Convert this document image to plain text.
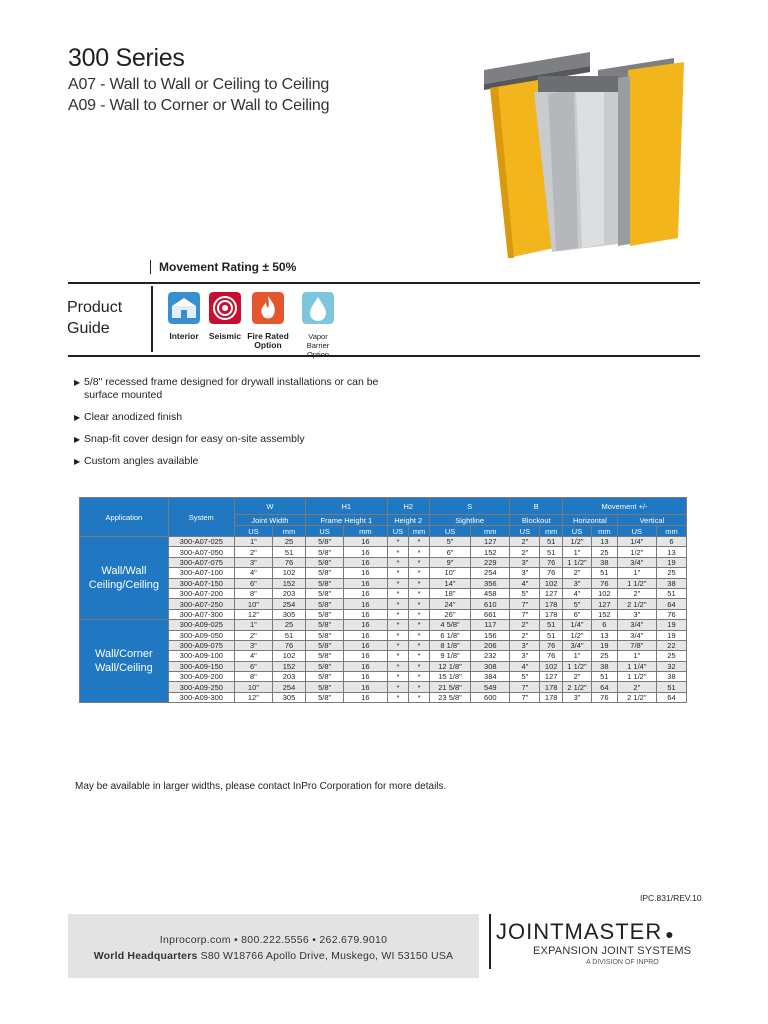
300 Series
A07 - Wall to Wall or Ceiling to Ceiling
A09 - Wall to Corner or Wall to Ceiling
Movement Rating ± 50%
Product
Guide	Interior	Seismic Fire Rated
Option
Vapor Barrier

▶ 5/8" recessed frame designed for drywall installations or can be surface mounted
▶ Clear anodized finish
▶ Snap-fit cover design for easy on-site assembly
▶ Custom angles available
Application	System	W		H1		H2		S		B		Movement +/-			
		Joint Width		Frame Height 1		Height 2		Sightline		Blockout		Horizontal		Vertical	
		US	mm	US	mm	US	mm	US	mm	US	mm	US	mm	US	mm
Wall/Wall
Ceiling/Ceiling	300-A07-025	1"	25	5/8"	16	*	*	5"	127	2"	51	1/2"	13	1/4"	6
	300-A07-050	2"	51	5/8"	16	*	*	6"	152	2"	51	1"	25	1/2"	13
	300-A07-075	3"	76	5/8"	16	*	*	9"	229	3"	76	1 1/2"	38	3/4"	19
	300-A07-100	4"	102	5/8"	16	*	*	10"	254	3"	76	2"	51	1"	25
	300-A07-150	6"	152	5/8"	16	*	*	14"	356	4"	102	3"	76	1 1/2"	38
	300-A07-200	8"	203	5/8"	16	*	*	18"	458	5"	127	4"	102	2"	51
	300-A07-250	10"	254	5/8"	16	*	*	24"	610	7"	178	5"	127	2 1/2"	64
	300-A07-300	12"	305	5/8"	16	*	*	26"	661	7"	178	6"	152	3"	76
Wall/Corner
Wall/Ceiling	300-A09-025	1"	25	5/8"	16	*	*	4 5/8"	117	2"	51	1/4"	6	3/4"	19
	300-A09-050	2"	51	5/8"	16	*	*	6 1/8"	156	2"	51	1/2"	13	3/4"	19
	300-A09-075	3"	76	5/8"	16	*	*	8 1/8"	206	3"	76	3/4"	19	7/8"	22
	300-A09-100	4"	102	5/8"	16	*	*	9 1/8"	232	3"	76	1"	25	1"	25
	300-A09-150	6"	152	5/8"	16	*	*	12 1/8"	308	4"	102	1 1/2"	38	1 1/4"	32
	300-A09-200	8"	203	5/8"	16	*	*	15 1/8"	384	5"	127	2"	51	1 1/2"	38
	300-A09-250	10"	254	5/8"	16	*	*	21 5/8"	549	7"	178	2 1/2"	64	2"	51
	300-A09-300	12"	305	5/8"	16	*	*	23 5/8"	600	7"	178	3"	76	2 1/2"	64
May be available in larger widths, please contact InPro Corporation for more details.
IPC.831/REV.10
Inprocorp.com • 800.222.5556 • 262.679.9010
World Headquarters S80 W18766 Apollo Drive, Muskego, WI 53150 USA
JOINTMASTER ●
EXPANSION JOINT SYSTEMS
A DIVISION OF INPRO
